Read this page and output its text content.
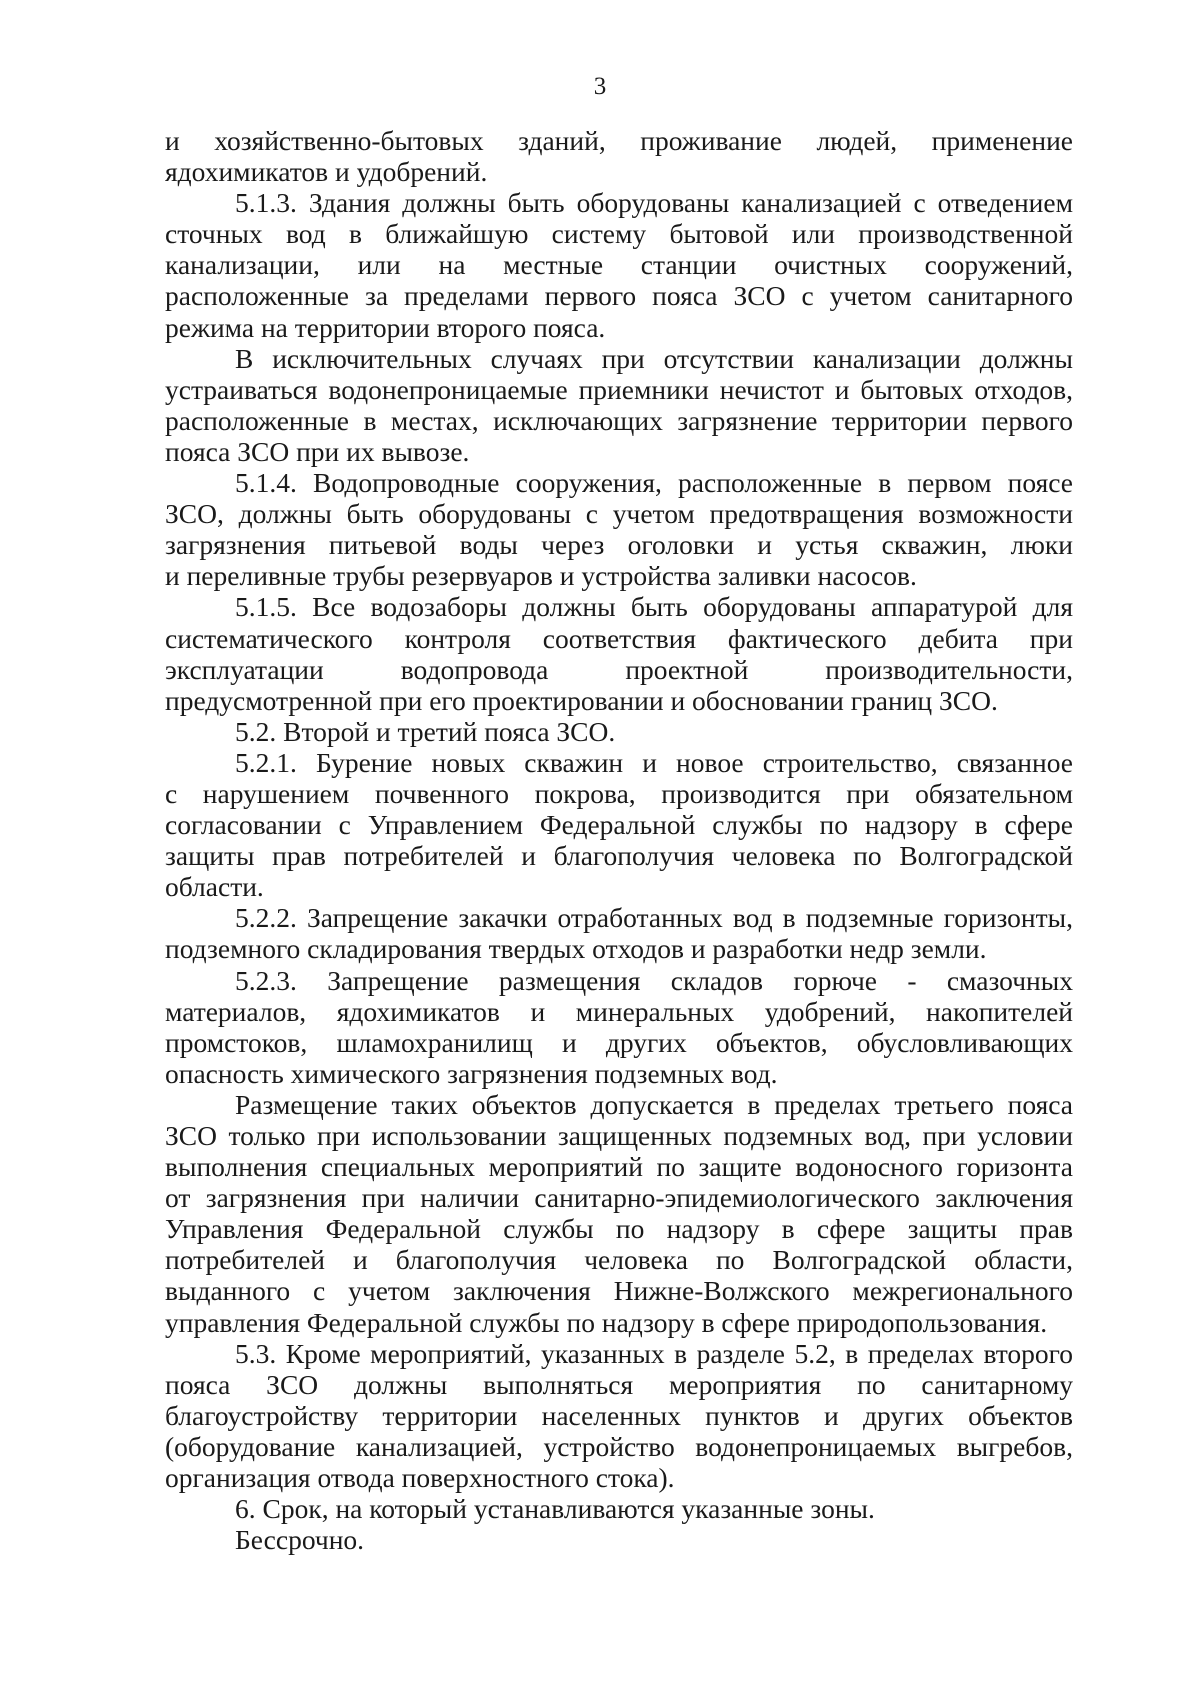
3
и хозяйственно-бытовых зданий, проживание людей, применение
ядохимикатов и удобрений.
5.1.3. Здания должны быть оборудованы канализацией с отведением
сточных вод в ближайшую систему бытовой или производственной
канализации, или на местные станции очистных сооружений,
расположенные за пределами первого пояса ЗСО с учетом санитарного
режима на территории второго пояса.
В исключительных случаях при отсутствии канализации должны
устраиваться водонепроницаемые приемники нечистот и бытовых отходов,
расположенные в местах, исключающих загрязнение территории первого
пояса ЗСО при их вывозе.
5.1.4. Водопроводные сооружения, расположенные в первом поясе
ЗСО, должны быть оборудованы с учетом предотвращения возможности
загрязнения питьевой воды через оголовки и устья скважин, люки
и переливные трубы резервуаров и устройства заливки насосов.
5.1.5. Все водозаборы должны быть оборудованы аппаратурой для
систематического контроля соответствия фактического дебита при
эксплуатации водопровода проектной производительности,
предусмотренной при его проектировании и обосновании границ ЗСО.
5.2. Второй и третий пояса ЗСО.
5.2.1. Бурение новых скважин и новое строительство, связанное
с нарушением почвенного покрова, производится при обязательном
согласовании с Управлением Федеральной службы по надзору в сфере
защиты прав потребителей и благополучия человека по Волгоградской
области.
5.2.2. Запрещение закачки отработанных вод в подземные горизонты,
подземного складирования твердых отходов и разработки недр земли.
5.2.3. Запрещение размещения складов горюче - смазочных
материалов, ядохимикатов и минеральных удобрений, накопителей
промстоков, шламохранилищ и других объектов, обусловливающих
опасность химического загрязнения подземных вод.
Размещение таких объектов допускается в пределах третьего пояса
ЗСО только при использовании защищенных подземных вод, при условии
выполнения специальных мероприятий по защите водоносного горизонта
от загрязнения при наличии санитарно-эпидемиологического заключения
Управления Федеральной службы по надзору в сфере защиты прав
потребителей и благополучия человека по Волгоградской области,
выданного с учетом заключения Нижне-Волжского межрегионального
управления Федеральной службы по надзору в сфере природопользования.
5.3. Кроме мероприятий, указанных в разделе 5.2, в пределах второго
пояса ЗСО должны выполняться мероприятия по санитарному
благоустройству территории населенных пунктов и других объектов
(оборудование канализацией, устройство водонепроницаемых выгребов,
организация отвода поверхностного стока).
6. Срок, на который устанавливаются указанные зоны.
Бессрочно.
